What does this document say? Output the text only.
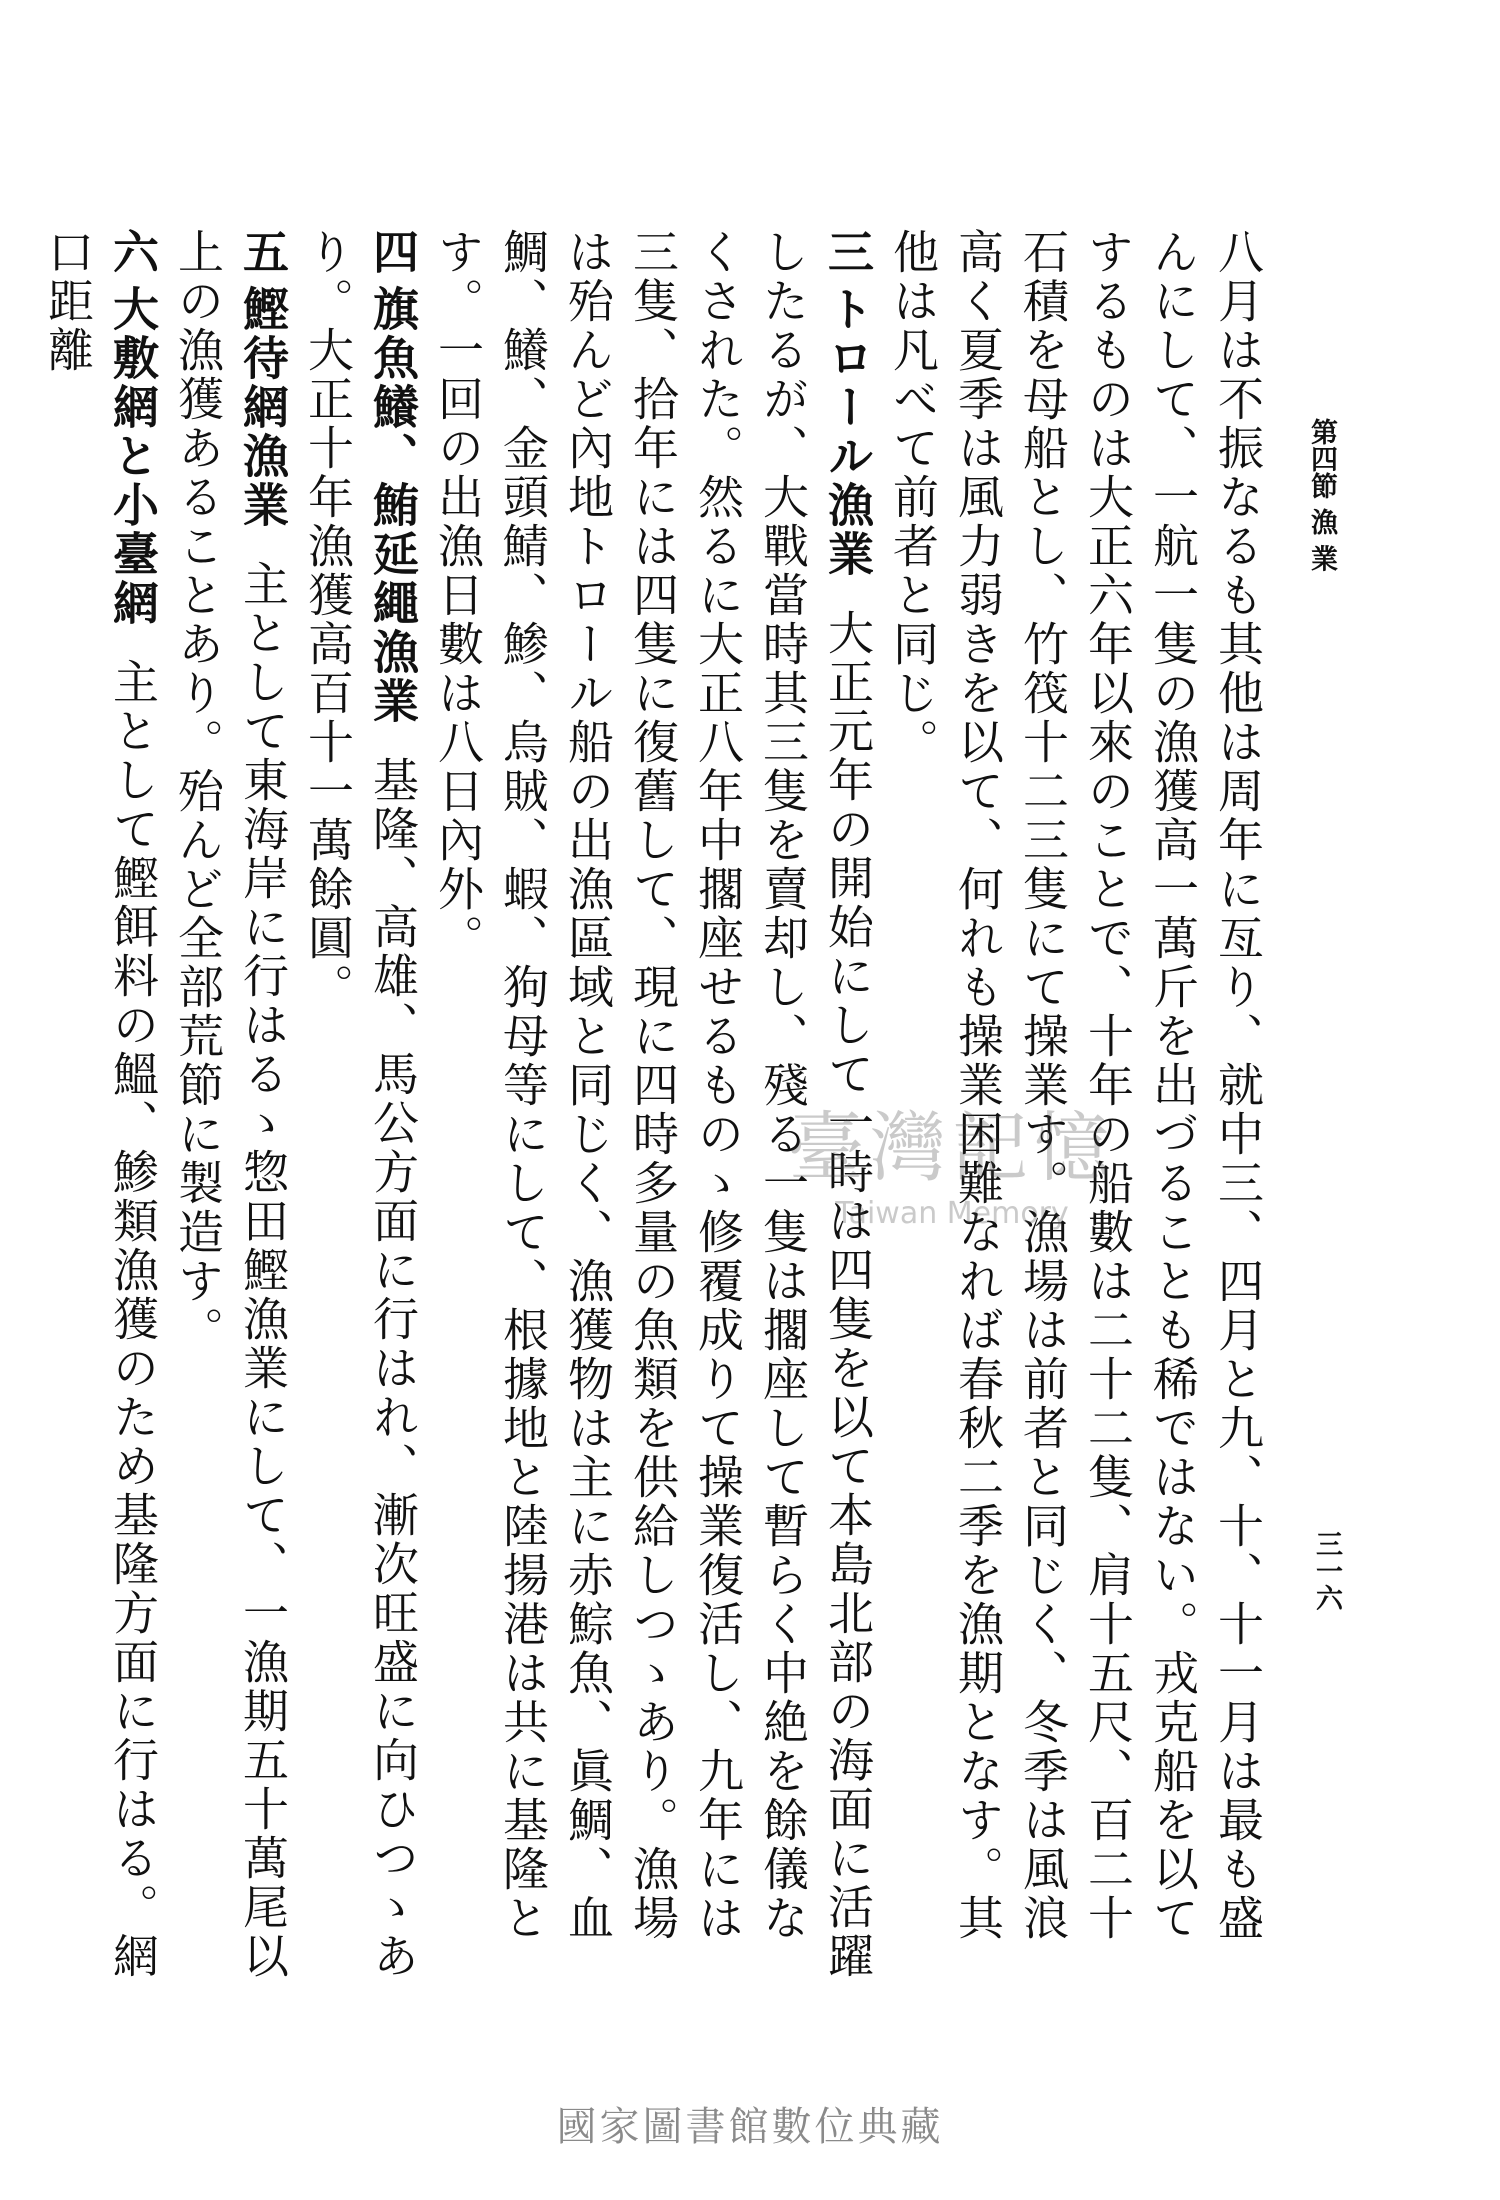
第四節 漁 業
三一六

八月は不振なるも其他は周年に亙り、就中三、四月と九、十、十一月は最も盛んにして、一航一隻の漁獲高一萬斤を出づることも稀ではない。戎克船を以てするものは大正六年以來のことで、十年の船數は二十二隻、肩十五尺、百二十石積を母船とし、竹筏十二三隻にて操業す。漁場は前者と同じく、冬季は風浪高く夏季は風力弱きを以て、何れも操業困難なれば春秋二季を漁期となす。其他は凡べて前者と同じ。

三トロール漁業大正元年の開始にして一時は四隻を以て本島北部の海面に活躍したるが、大戰當時其三隻を賣却し、殘る一隻は擱座して暫らく中絶を餘儀なくされた。然るに大正八年中擱座せるものゝ修覆成りて操業復活し、九年には三隻、拾年には四隻に復舊して、現に四時多量の魚類を供給しつゝあり。漁場は殆んど內地トロール船の出漁區域と同じく、漁獲物は主に赤鯮魚、眞鯛、血鯛、鱶、金頭鯖、鯵、烏賊、蝦、狗母等にして、根據地と陸揚港は共に基隆とす。一回の出漁日數は八日內外。

四旗魚鱶、鮪延繩漁業基隆、高雄、馬公方面に行はれ、漸次旺盛に向ひつゝあり。大正十年漁獲高百十一萬餘圓。

五鰹待網漁業主として東海岸に行はるゝ惣田鰹漁業にして、一漁期五十萬尾以上の漁獲あることあり。殆んど全部荒節に製造す。

六大敷網と小臺網主として鰹餌料の鰮、鯵類漁獲のため基隆方面に行はる。網口距離

臺灣記憶
Taiwan Memory
國家圖書館數位典藏
